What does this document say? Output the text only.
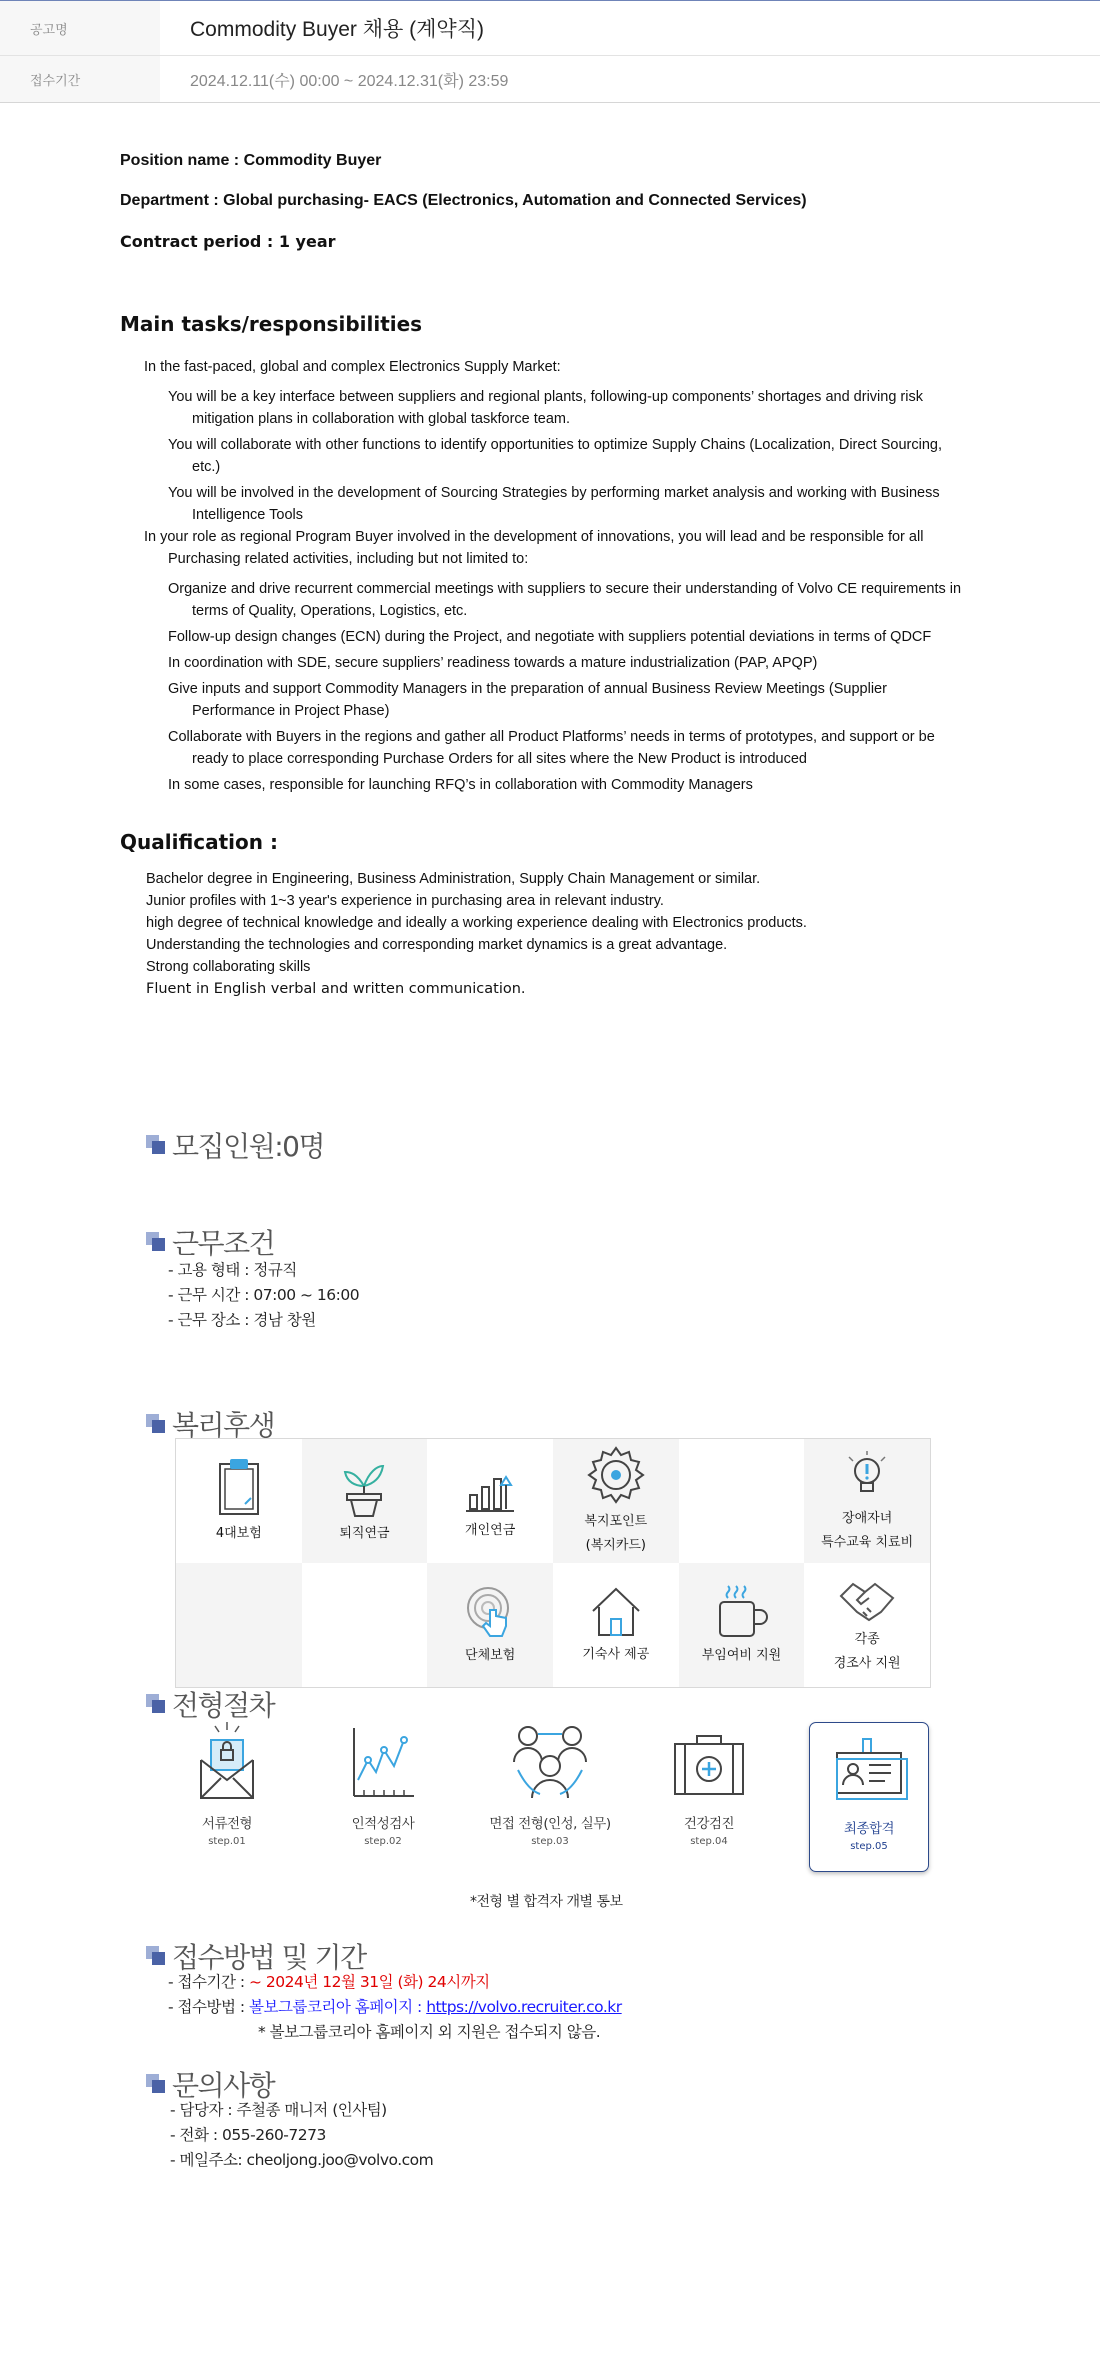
공고명	Commodity Buyer 채용 (계약직)
접수기간	2024.12.11(수) 00:00 ~ 2024.12.31(화) 23:59
Position name : Commodity Buyer
Department : Global purchasing- EACS (Electronics, Automation and Connected Services)
Contract period : 1 year
Main tasks/responsibilities
In the fast-paced, global and complex Electronics Supply Market:
You will be a key interface between suppliers and regional plants, following-up components’ shortages and driving risk
mitigation plans in collaboration with global taskforce team.
You will collaborate with other functions to identify opportunities to optimize Supply Chains (Localization, Direct Sourcing,
etc.)
You will be involved in the development of Sourcing Strategies by performing market analysis and working with Business
Intelligence Tools
In your role as regional Program Buyer involved in the development of innovations, you will lead and be responsible for all
Purchasing related activities, including but not limited to:
Organize and drive recurrent commercial meetings with suppliers to secure their understanding of Volvo CE requirements in
terms of Quality, Operations, Logistics, etc.
Follow-up design changes (ECN) during the Project, and negotiate with suppliers potential deviations in terms of QDCF
In coordination with SDE, secure suppliers’ readiness towards a mature industrialization (PAP, APQP)
Give inputs and support Commodity Managers in the preparation of annual Business Review Meetings (Supplier
Performance in Project Phase)
Collaborate with Buyers in the regions and gather all Product Platforms’ needs in terms of prototypes, and support or be
ready to place corresponding Purchase Orders for all sites where the New Product is introduced
In some cases, responsible for launching RFQ’s in collaboration with Commodity Managers
Qualification :
Bachelor degree in Engineering, Business Administration, Supply Chain Management or similar.
Junior profiles with 1~3 year's experience in purchasing area in relevant industry.
high degree of technical knowledge and ideally a working experience dealing with Electronics products.
Understanding the technologies and corresponding market dynamics is a great advantage.
Strong collaborating skills
Fluent in English verbal and written communication.
모집인원:0명
근무조건
- 고용 형태 : 정규직
- 근무 시간 : 07:00 ~ 16:00
- 근무 장소 : 경남 창원
복리후생
4대보험	퇴직연금	개인연금
복지포인트
(복지카드)
장애자녀
특수교육 치료비
단체보험	기숙사 제공	부임여비 지원
각종
경조사 지원
전형절차
서류전형
step.01
인적성검사
step.02
면접 전형(인성, 실무)
step.03
건강검진
step.04
최종합격
step.05
*전형 별 합격자 개별 통보
접수방법 및 기간
- 접수기간 : ~ 2024년 12월 31일 (화) 24시까지
- 접수방법 : 볼보그룹코리아 홈페이지 : https://volvo.recruiter.co.kr
* 볼보그룹코리아 홈페이지 외 지원은 접수되지 않음.
문의사항
- 담당자 : 주철종 매니저 (인사팀)
- 전화 : 055-260-7273
- 메일주소: cheoljong.joo@volvo.com
